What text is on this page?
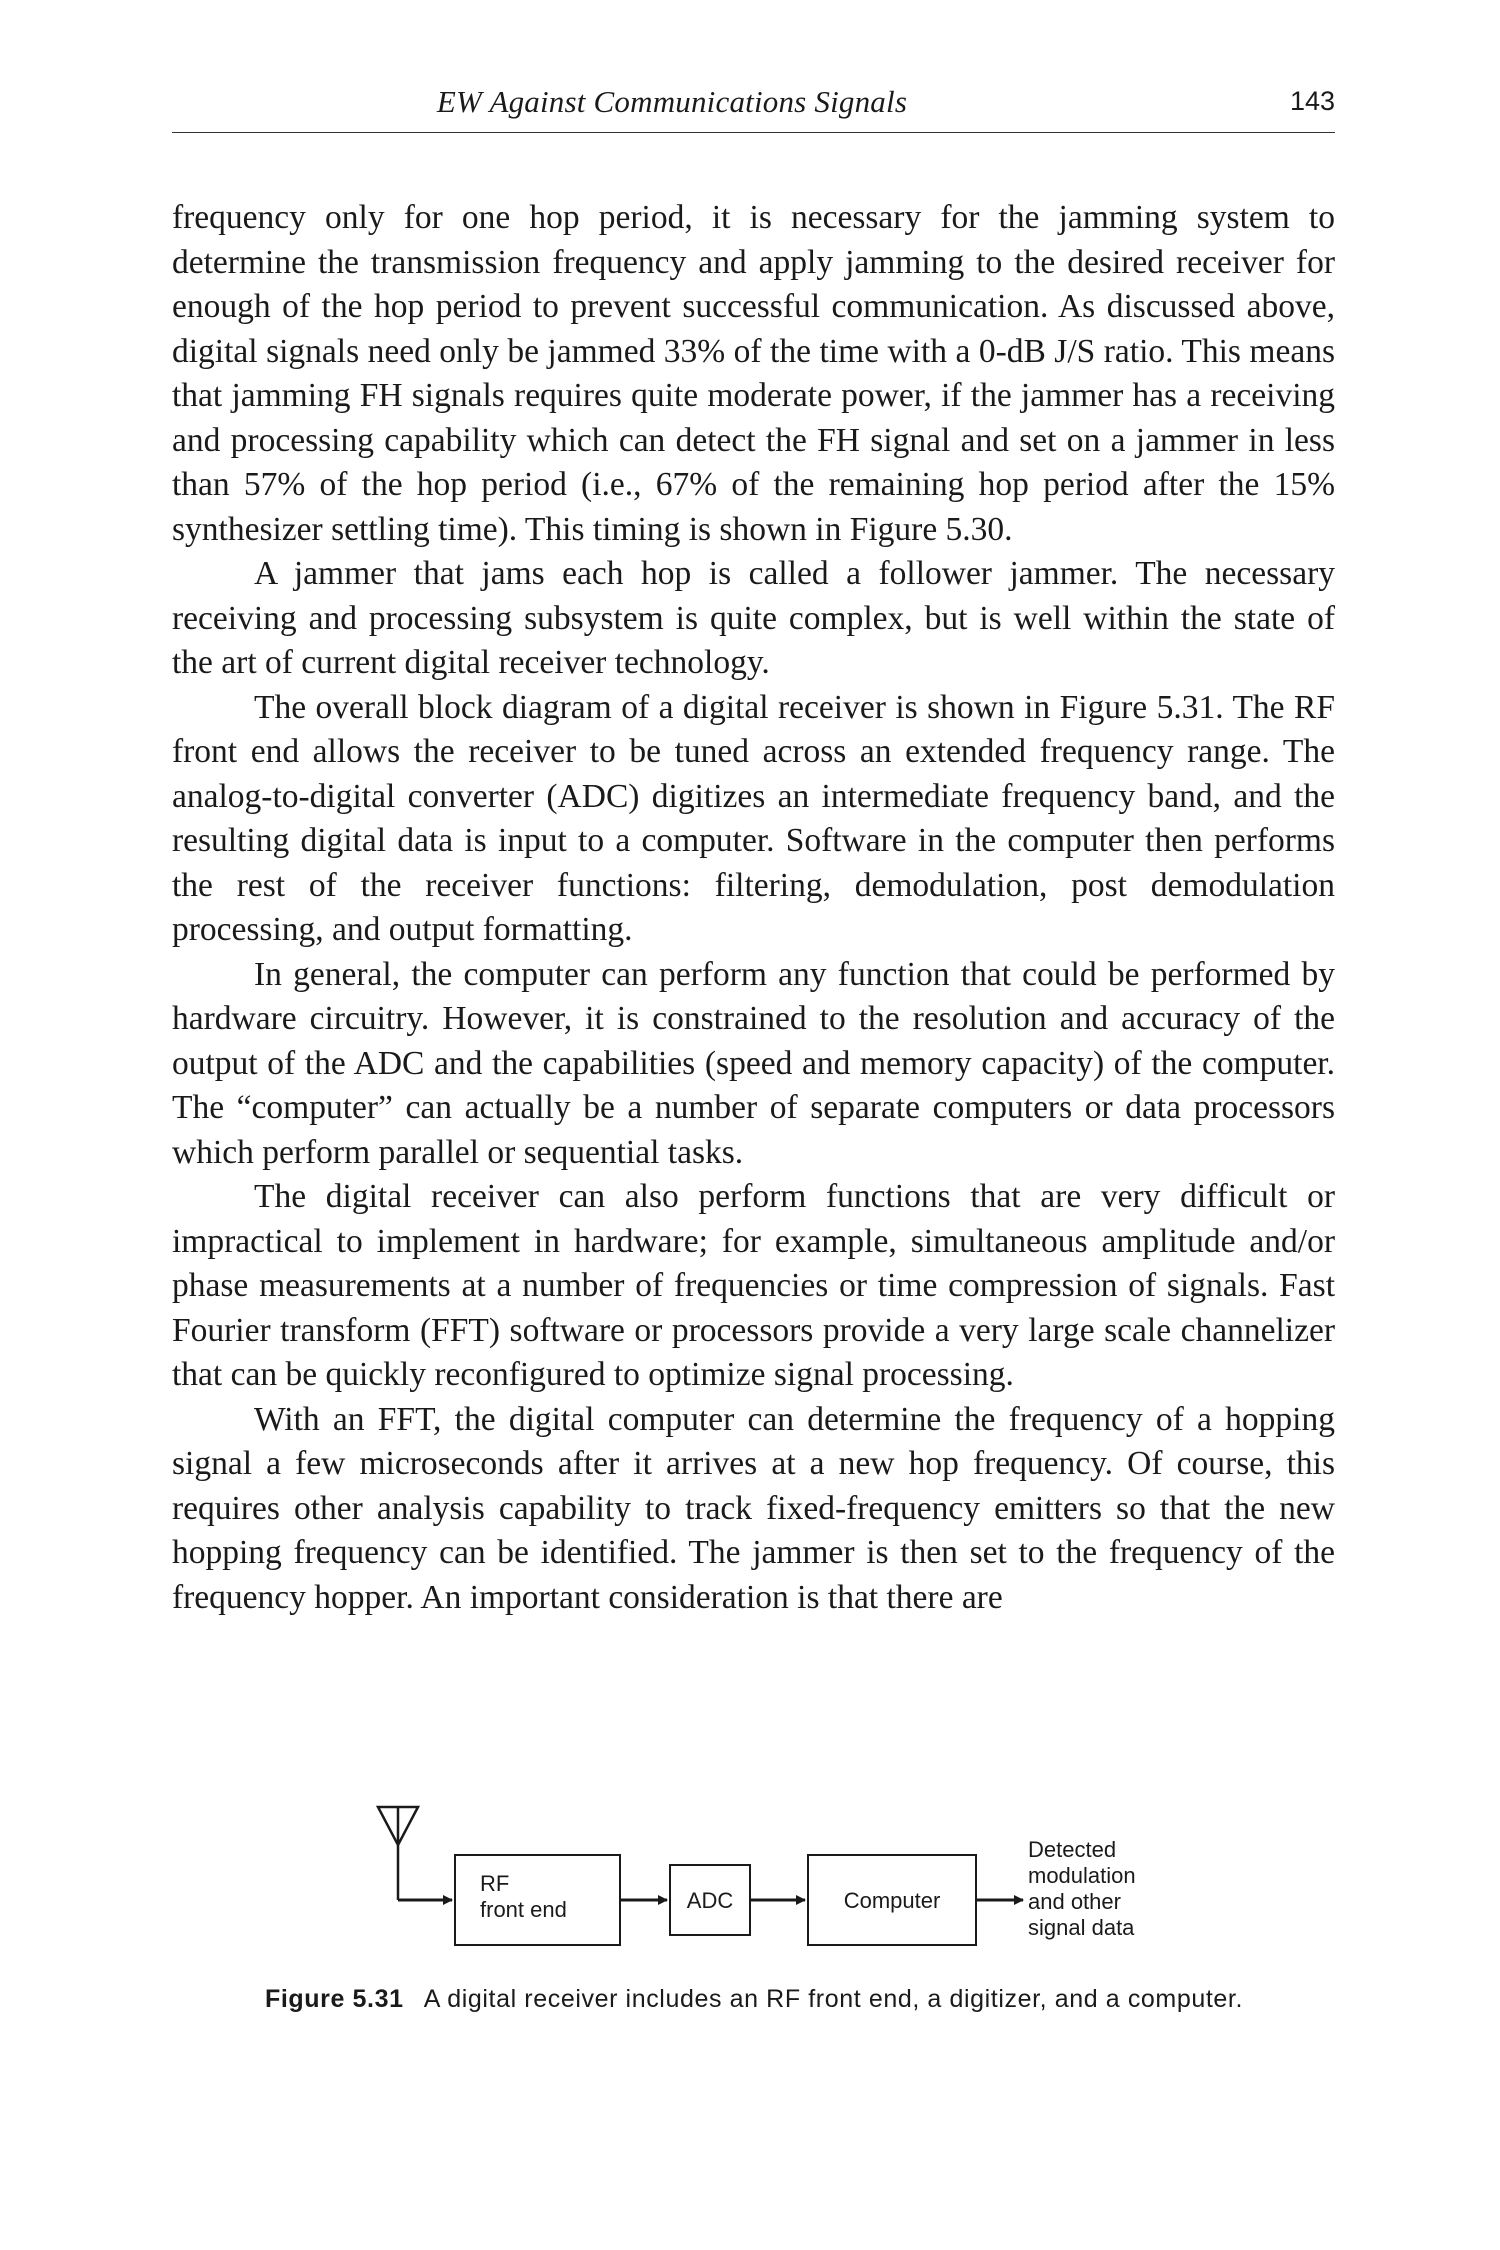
EW Against Communications Signals	143

frequency only for one hop period, it is necessary for the jamming system to determine the transmission frequency and apply jamming to the desired receiver for enough of the hop period to prevent successful communication. As discussed above, digital signals need only be jammed 33% of the time with a 0-dB J/S ratio. This means that jamming FH signals requires quite moderate power, if the jammer has a receiving and processing capability which can detect the FH signal and set on a jammer in less than 57% of the hop period (i.e., 67% of the remaining hop period after the 15% synthesizer settling time). This timing is shown in Figure 5.30.

A jammer that jams each hop is called a follower jammer. The necessary receiving and processing subsystem is quite complex, but is well within the state of the art of current digital receiver technology.

The overall block diagram of a digital receiver is shown in Figure 5.31. The RF front end allows the receiver to be tuned across an extended frequency range. The analog-to-digital converter (ADC) digitizes an intermediate frequency band, and the resulting digital data is input to a computer. Software in the computer then performs the rest of the receiver functions: filtering, demodulation, post demodulation processing, and output formatting.

In general, the computer can perform any function that could be performed by hardware circuitry. However, it is constrained to the resolution and accuracy of the output of the ADC and the capabilities (speed and memory capacity) of the computer. The “computer” can actually be a number of separate computers or data processors which perform parallel or sequential tasks.

The digital receiver can also perform functions that are very difficult or impractical to implement in hardware; for example, simultaneous amplitude and/or phase measurements at a number of frequencies or time compression of signals. Fast Fourier transform (FFT) software or processors provide a very large scale channelizer that can be quickly reconfigured to optimize signal processing.

With an FFT, the digital computer can determine the frequency of a hopping signal a few microseconds after it arrives at a new hop frequency. Of course, this requires other analysis capability to track fixed-frequency emitters so that the new hopping frequency can be identified. The jammer is then set to the frequency of the frequency hopper. An important consideration is that there are

RF
front end	ADC	Computer
Detected
modulation
and other
signal data
Figure 5.31 A digital receiver includes an RF front end, a digitizer, and a computer.
